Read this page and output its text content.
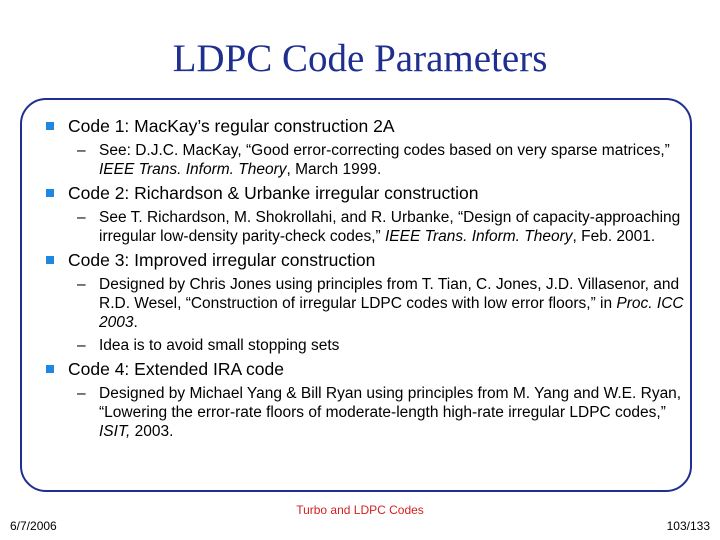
LDPC Code Parameters
Code 1: MacKay’s regular construction 2A
– See: D.J.C. MacKay, “Good error-correcting codes based on very sparse matrices,” IEEE Trans. Inform. Theory, March 1999.
Code 2: Richardson & Urbanke irregular construction
– See T. Richardson, M. Shokrollahi, and R. Urbanke, “Design of capacity-approaching irregular low-density parity-check codes,” IEEE Trans. Inform. Theory, Feb. 2001.
Code 3: Improved irregular construction
– Designed by Chris Jones using principles from T. Tian, C. Jones, J.D. Villasenor, and R.D. Wesel, “Construction of irregular LDPC codes with low error floors,” in Proc. ICC 2003.
– Idea is to avoid small stopping sets
Code 4: Extended IRA code
– Designed by Michael Yang & Bill Ryan using principles from M. Yang and W.E. Ryan, “Lowering the error-rate floors of moderate-length high-rate irregular LDPC codes,” ISIT, 2003.
Turbo and LDPC Codes
6/7/2006	103/133
